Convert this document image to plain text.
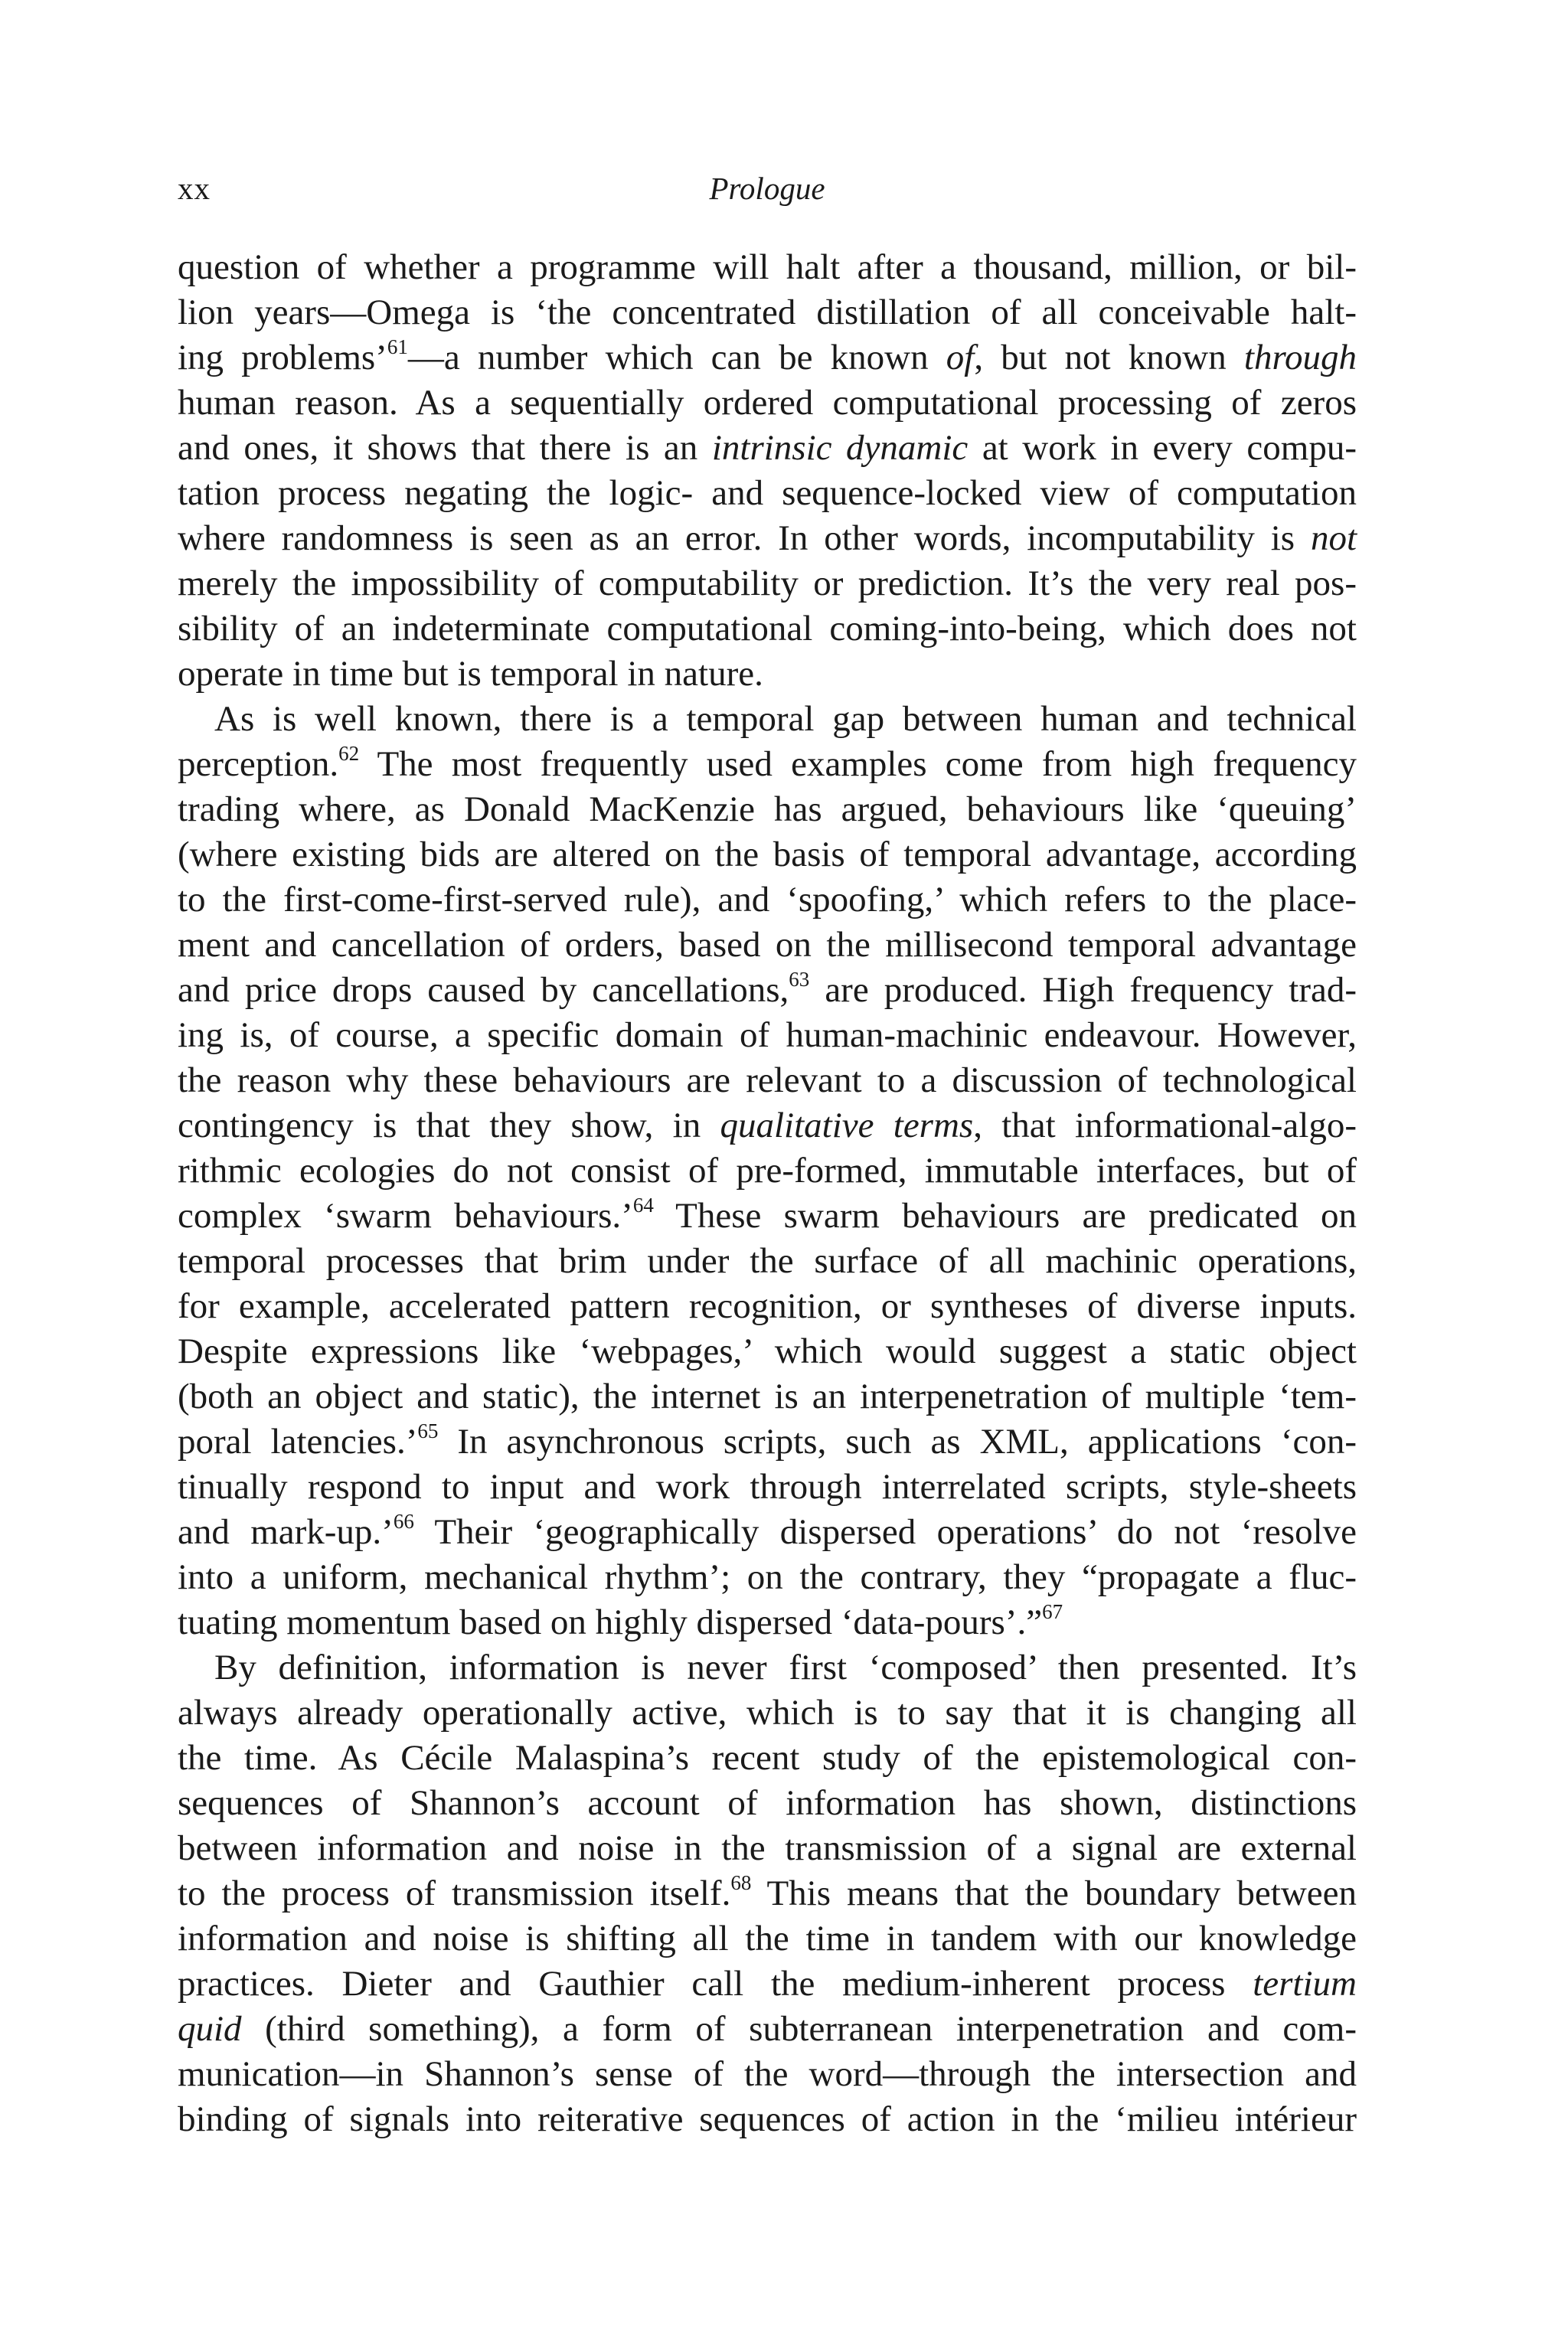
Prologue
xx
question of whether a programme will halt after a thousand, million, or bil-
lion years—Omega is ‘the concentrated distillation of all conceivable halt-
ing problems’$^{61}$—a number which can be known of, but not known through
human reason. As a sequentially ordered computational processing of zeros
and ones, it shows that there is an intrinsic dynamic at work in every compu-
tation process negating the logic- and sequence-locked view of computation
where randomness is seen as an error. In other words, incomputability is not
merely the impossibility of computability or prediction. It’s the very real pos-
sibility of an indeterminate computational coming-into-being, which does not
operate in time but is temporal in nature.
As is well known, there is a temporal gap between human and technical
perception.$^{62}$ The most frequently used examples come from high frequency
trading where, as Donald MacKenzie has argued, behaviours like ‘queuing’
(where existing bids are altered on the basis of temporal advantage, according
to the first-come-first-served rule), and ‘spoofing,’ which refers to the place-
ment and cancellation of orders, based on the millisecond temporal advantage
and price drops caused by cancellations,$^{63}$ are produced. High frequency trad-
ing is, of course, a specific domain of human-machinic endeavour. However,
the reason why these behaviours are relevant to a discussion of technological
contingency is that they show, in qualitative terms, that informational-algo-
rithmic ecologies do not consist of pre-formed, immutable interfaces, but of
complex ‘swarm behaviours.’$^{64}$ These swarm behaviours are predicated on
temporal processes that brim under the surface of all machinic operations,
for example, accelerated pattern recognition, or syntheses of diverse inputs.
Despite expressions like ‘webpages,’ which would suggest a static object
(both an object and static), the internet is an interpenetration of multiple ‘tem-
poral latencies.’$^{65}$ In asynchronous scripts, such as XML, applications ‘con-
tinually respond to input and work through interrelated scripts, style-sheets
and mark-up.’$^{66}$ Their ‘geographically dispersed operations’ do not ‘resolve
into a uniform, mechanical rhythm’; on the contrary, they “propagate a fluc-
tuating momentum based on highly dispersed ‘data-pours’.”$^{67}$
By definition, information is never first ‘composed’ then presented. It’s
always already operationally active, which is to say that it is changing all
the time. As Cécile Malaspina’s recent study of the epistemological con-
sequences of Shannon’s account of information has shown, distinctions
between information and noise in the transmission of a signal are external
to the process of transmission itself.$^{68}$ This means that the boundary between
information and noise is shifting all the time in tandem with our knowledge
practices. Dieter and Gauthier call the medium-inherent process tertium
quid (third something), a form of subterranean interpenetration and com-
munication—in Shannon’s sense of the word—through the intersection and
binding of signals into reiterative sequences of action in the ‘milieu intérieur
